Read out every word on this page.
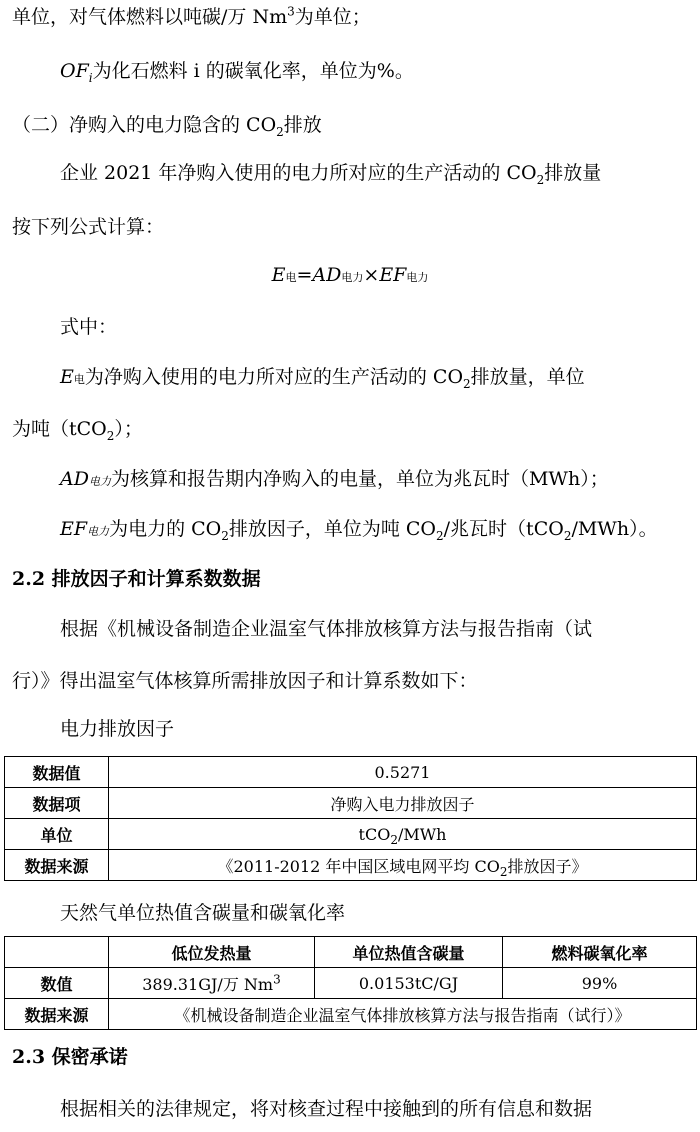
单位，对气体燃料以吨碳/万 Nm$^3$为单位；
$OF_i$为化石燃料 i 的碳氧化率，单位为%。
（二）净购入的电力隐含的 $CO_2$排放
企业 2021 年净购入使用的电力所对应的生产活动的 $CO_2$排放量
按下列公式计算：
E电=AD电力×EF电力
式中：
E电为净购入使用的电力所对应的生产活动的 $CO_2$排放量，单位
为吨（tCO$_2$）；
AD电力为核算和报告期内净购入的电量，单位为兆瓦时（MWh）；
EF电力为电力的 $CO_2$排放因子，单位为吨 $CO_2/$兆瓦时（tCO$_2$/MWh）。
2.2 排放因子和计算系数数据
根据《机械设备制造企业温室气体排放核算方法与报告指南（试
行）》得出温室气体核算所需排放因子和计算系数如下：
电力排放因子
数据值	0.5271
数据项	净购入电力排放因子
单位	tCO$_2$/MWh
数据来源	《2011-2012 年中国区域电网平均 $CO_2$排放因子》
天然气单位热值含碳量和碳氧化率
	低位发热量	单位热值含碳量	燃料碳氧化率
数值	389.31GJ/万 Nm$^3$	0.0153tC/GJ	99%
数据来源	《机械设备制造企业温室气体排放核算方法与报告指南（试行）》		
2.3 保密承诺
根据相关的法律规定，将对核查过程中接触到的所有信息和数据
